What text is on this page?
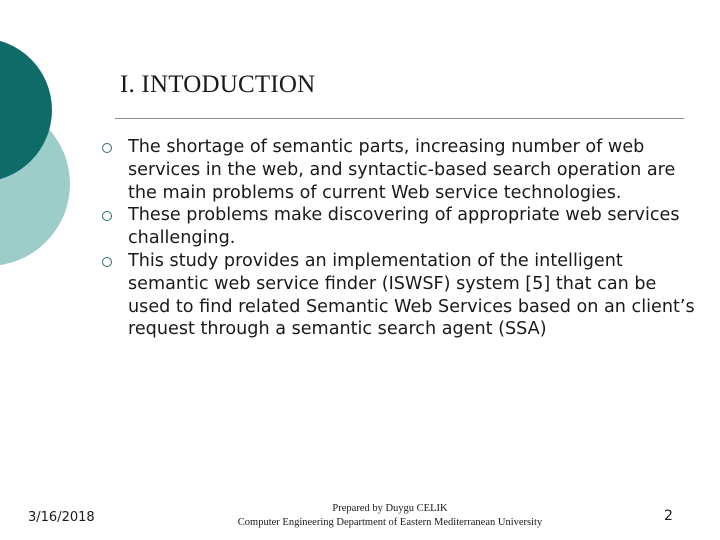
I. INTODUCTION
The shortage of semantic parts, increasing number of web services in the web, and syntactic-based search operation are the main problems of current Web service technologies.
These problems make discovering of appropriate web services challenging.
This study provides an implementation of the intelligent semantic web service finder (ISWSF) system [5] that can be used to find related Semantic Web Services based on an client’s request through a semantic search agent (SSA)
3/16/2018
Prepared by Duygu CELIK
Computer Engineering Department of Eastern Mediterranean University	2
